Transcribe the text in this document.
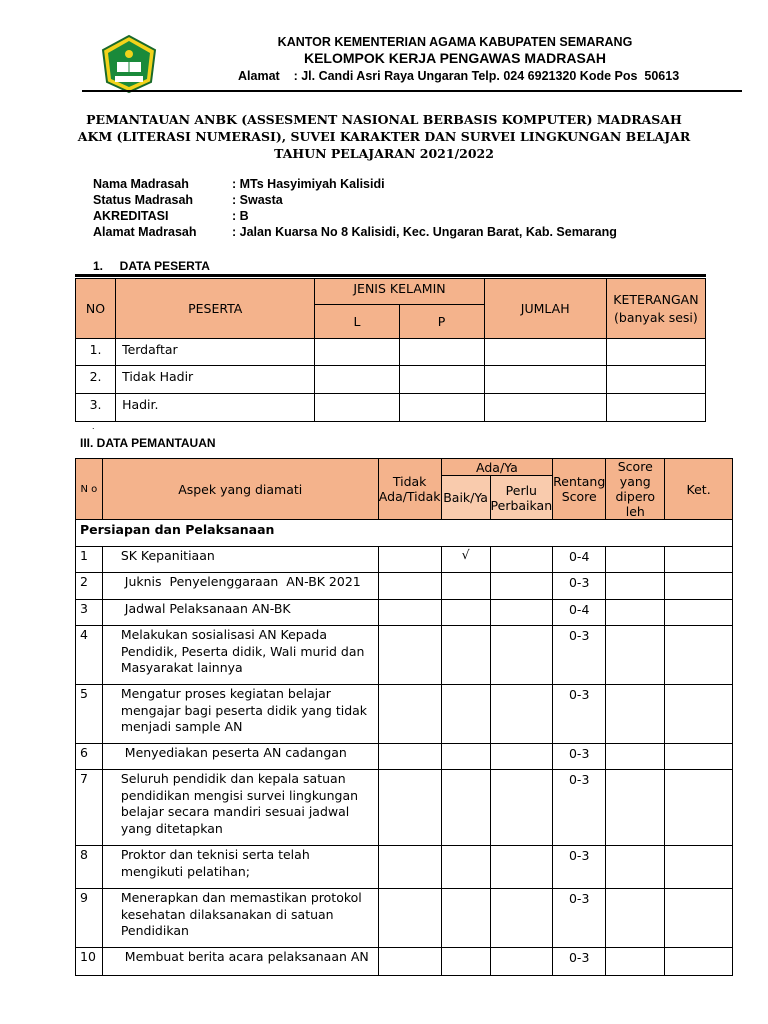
KANTOR KEMENTERIAN AGAMA KABUPATEN SEMARANG
KELOMPOK KERJA PENGAWAS MADRASAH
Alamat    : Jl. Candi Asri Raya Ungaran Telp. 024 6921320 Kode Pos  50613
PEMANTAUAN ANBK (ASSESMENT NASIONAL BERBASIS KOMPUTER) MADRASAH
AKM (LITERASI NUMERASI), SUVEI KARAKTER DAN SURVEI LINGKUNGAN BELAJAR
TAHUN PELAJARAN 2021/2022
Nama Madrasah	: MTs Hasyimiyah Kalisidi
Status Madrasah	: Swasta
AKREDITASI	: B
Alamat Madrasah	: Jalan Kuarsa No 8 Kalisidi, Kec. Ungaran Barat, Kab. Semarang
1.     DATA PESERTA
NO	PESERTA	JENIS KELAMIN		JUMLAH	KETERANGAN
(banyak sesi)

		L	P		
1.	Terdaftar				
2.	Tidak Hadir				
3.	Hadir.				
.
III. DATA PEMANTAUAN
N o	Aspek yang diamati	Tidak Ada/Tidak	Ada/Ya		Rentang Score	Score yang diperoleh	Ket.
			Baik/Ya	Perlu Perbaikan			
Persiapan dan Pelaksanaan							
1	SK Kepanitiaan		√		0-4		
2	Juknis  Penyelenggaraan  AN-BK 2021				0-3		
3	Jadwal Pelaksanaan AN-BK				0-4		
4	Melakukan sosialisasi AN Kepada Pendidik, Peserta didik, Wali murid dan Masyarakat lainnya				0-3		
5	Mengatur proses kegiatan belajar mengajar bagi peserta didik yang tidak menjadi sample AN				0-3		
6	Menyediakan peserta AN cadangan				0-3		
7	Seluruh pendidik dan kepala satuan pendidikan mengisi survei lingkungan belajar secara mandiri sesuai jadwal yang ditetapkan				0-3		
8	Proktor dan teknisi serta telah mengikuti pelatihan;				0-3		
9	Menerapkan dan memastikan protokol kesehatan dilaksanakan di satuan Pendidikan				0-3		
10	Membuat berita acara pelaksanaan AN				0-3		
